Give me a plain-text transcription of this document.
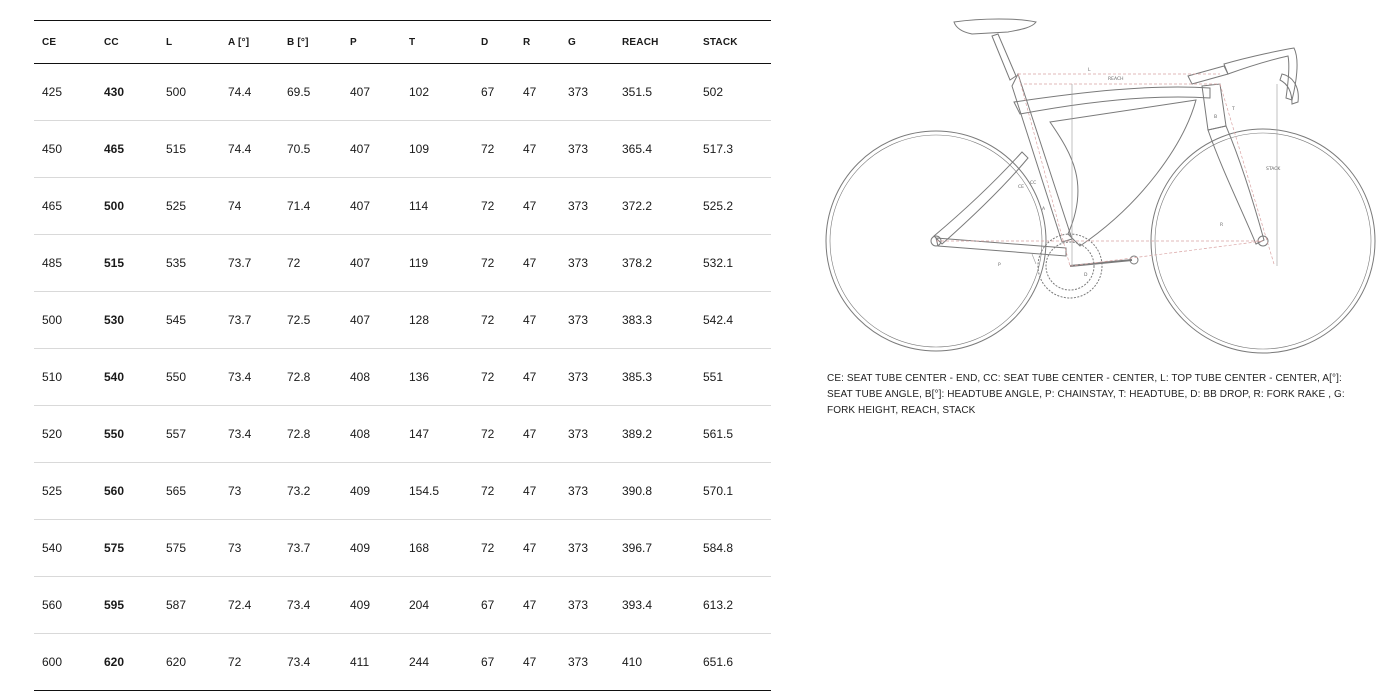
CE	CC	L	A [°]	B [°]	P	T	D	R	G	REACH	STACK
425	430	500	74.4	69.5	407	102	67	47	373	351.5	502
450	465	515	74.4	70.5	407	109	72	47	373	365.4	517.3
465	500	525	74	71.4	407	114	72	47	373	372.2	525.2
485	515	535	73.7	72	407	119	72	47	373	378.2	532.1
500	530	545	73.7	72.5	407	128	72	47	373	383.3	542.4
510	540	550	73.4	72.8	408	136	72	47	373	385.3	551
520	550	557	73.4	72.8	408	147	72	47	373	389.2	561.5
525	560	565	73	73.2	409	154.5	72	47	373	390.8	570.1
540	575	575	73	73.7	409	168	72	47	373	396.7	584.8
560	595	587	72.4	73.4	409	204	67	47	373	393.4	613.2
600	620	620	72	73.4	411	244	67	47	373	410	651.6
REACH
STACK
L
T
CE
CC
P
D
R
A
B

CE: SEAT TUBE CENTER - END, CC: SEAT TUBE CENTER - CENTER, L: TOP TUBE CENTER - CENTER, A[°]: SEAT TUBE ANGLE, B[°]: HEADTUBE ANGLE, P: CHAINSTAY, T: HEADTUBE, D: BB DROP, R: FORK RAKE , G: FORK HEIGHT, REACH, STACK
